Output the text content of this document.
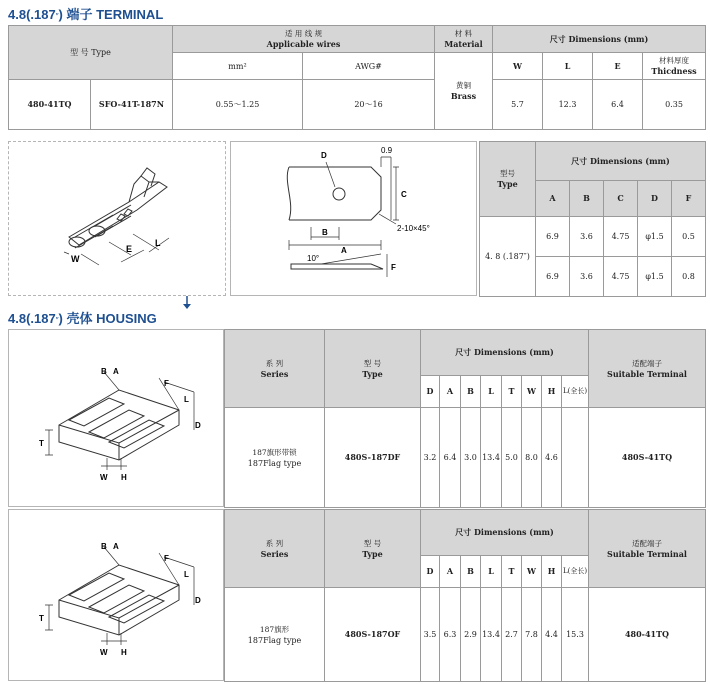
4.8(.187″) 端子 TERMINAL
型 号 Type		适 用 线 规
Applicable wires		材 料
Material	尺寸 Dimensions (mm)			

		mm²	AWG#	黄铜
Brass	W	L	E	材料厚度
Thicdness

480-41TQ	SFO-41T-187N	0.55～1.25	20～16		5.7	12.3	6.4	0.35
W
E
L
D
0.9
C
B
A
2-10×45°
10°
F
型号
Type	尺寸 Dimensions (mm)				

	A	B	C	D	F
4. 8 (.187″)	6.9	3.6	4.75	φ1.5	0.5
	6.9	3.6	4.75	φ1.5	0.8
4.8(.187″) 壳体 HOUSING
B A
F
L
D
T
W H
系 列
Series	型 号
Type	尺寸 Dimensions (mm)								适配端子
Suitable Terminal

		D	A	B	L	T	W	H	L(全长)	

187旗形带锁
187Flag type	480S-187DF	3.2	6.4	3.0	13.4	5.0	8.0	4.6		480S-41TQ
B A
F
L
D
T
W H
系 列
Series	型 号
Type	尺寸 Dimensions (mm)								适配端子
Suitable Terminal

		D	A	B	L	T	W	H	L(全长)	

187旗形
187Flag type	480S-187OF	3.5	6.3	2.9	13.4	2.7	7.8	4.4	15.3	480-41TQ
